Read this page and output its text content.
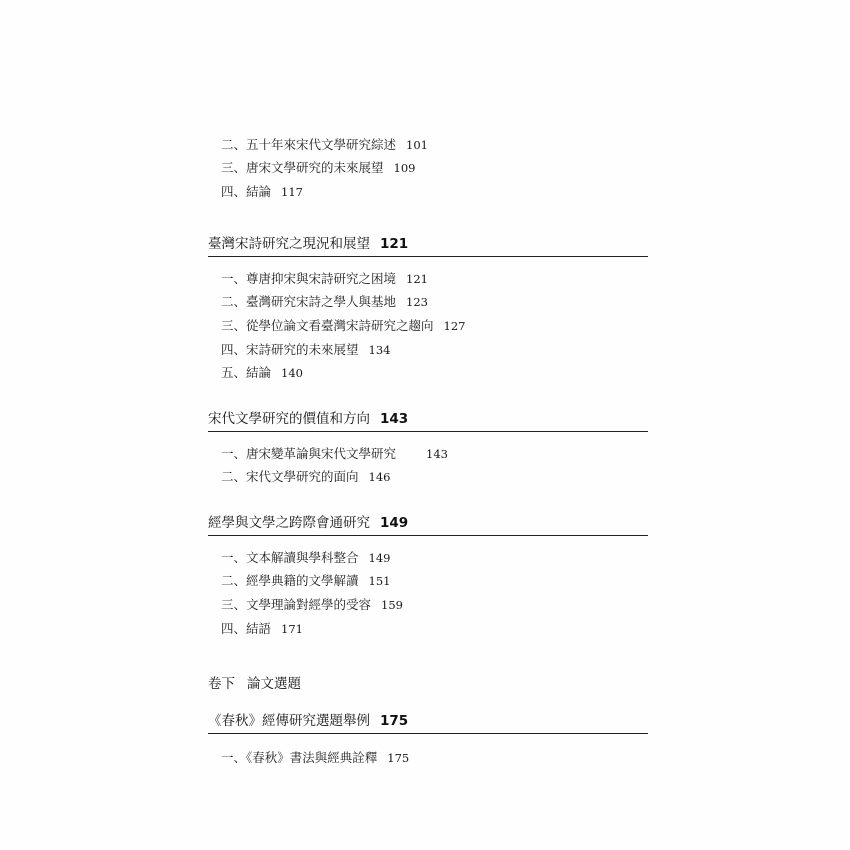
二、五十年來宋代文學研究綜述 101
三、唐宋文學研究的未來展望 109
四、結論 117
臺灣宋詩研究之現況和展望 121
一、尊唐抑宋與宋詩研究之困境 121
二、臺灣研究宋詩之學人與基地 123
三、從學位論文看臺灣宋詩研究之趨向 127
四、宋詩研究的未來展望 134
五、結論 140
宋代文學研究的價值和方向 143
一、唐宋變革論與宋代文學研究	143
二、宋代文學研究的面向 146
經學與文學之跨際會通研究 149
一、文本解讀與學科整合 149
二、經學典籍的文學解讀 151
三、文學理論對經學的受容 159
四、結語 171
卷下 論文選題
《春秋》經傳研究選題舉例 175
一、《春秋》書法與經典詮釋 175
